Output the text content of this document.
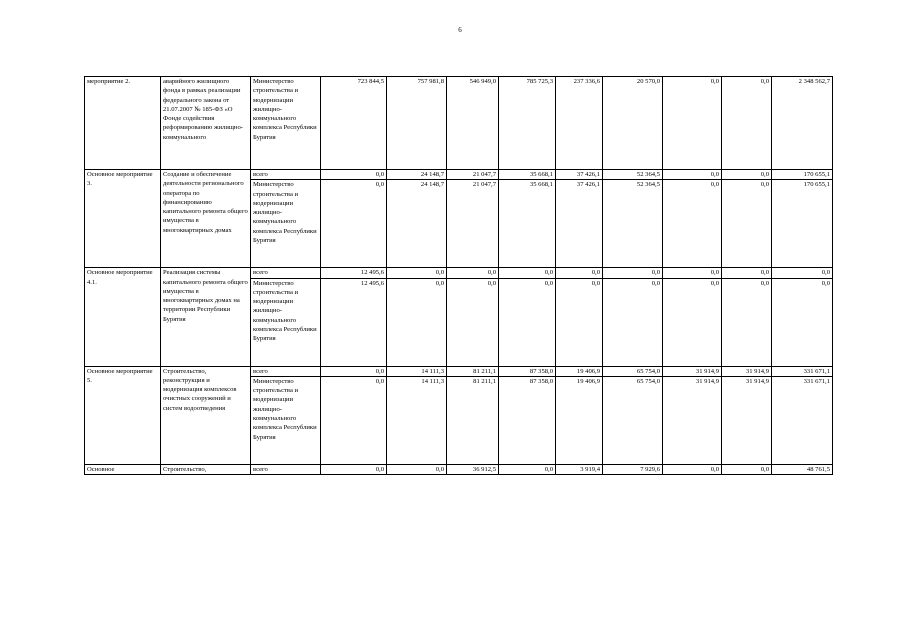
6
мероприятие 2.	аварийного жилищного фонда в рамках реализации федерального закона от 21.07.2007 № 185-ФЗ «О Фонде содействия реформированию жилищно-коммунального	Министерство строительства и модернизации жилищно-коммунального комплекса Республики Бурятия	723 844,5	757 981,8	546 949,0	785 725,3	237 336,6	20 570,0	0,0	0,0	2 348 562,7
Основное мероприятие 3.	Создание и обеспечение деятельности регионального оператора по финансированию капитального ремонта общего имущества в многоквартирных домах	всего	0,0	24 148,7	21 047,7	35 668,1	37 426,1	52 364,5	0,0	0,0	170 655,1
		Министерство строительства и модернизации жилищно-коммунального комплекса Республики Бурятия	0,0	24 148,7	21 047,7	35 668,1	37 426,1	52 364,5	0,0	0,0	170 655,1
Основное мероприятие 4.1.	Реализация системы капитального ремонта общего имущества в многоквартирных домах на территории Республики Бурятия	всего	12 495,6	0,0	0,0	0,0	0,0	0,0	0,0	0,0	0,0
		Министерство строительства и модернизации жилищно-коммунального комплекса Республики Бурятия	12 495,6	0,0	0,0	0,0	0,0	0,0	0,0	0,0	0,0
Основное мероприятие 5.	Строительство, реконструкция и модернизация комплексов очистных сооружений и систем водоотведения	всего	0,0	14 111,3	81 211,1	87 358,0	19 406,9	65 754,0	31 914,9	31 914,9	331 671,1
		Министерство строительства и модернизации жилищно-коммунального комплекса Республики Бурятия	0,0	14 111,3	81 211,1	87 358,0	19 406,9	65 754,0	31 914,9	31 914,9	331 671,1
Основное	Строительство,	всего	0,0	0,0	36 912,5	0,0	3 919,4	7 929,6	0,0	0,0	48 761,5
